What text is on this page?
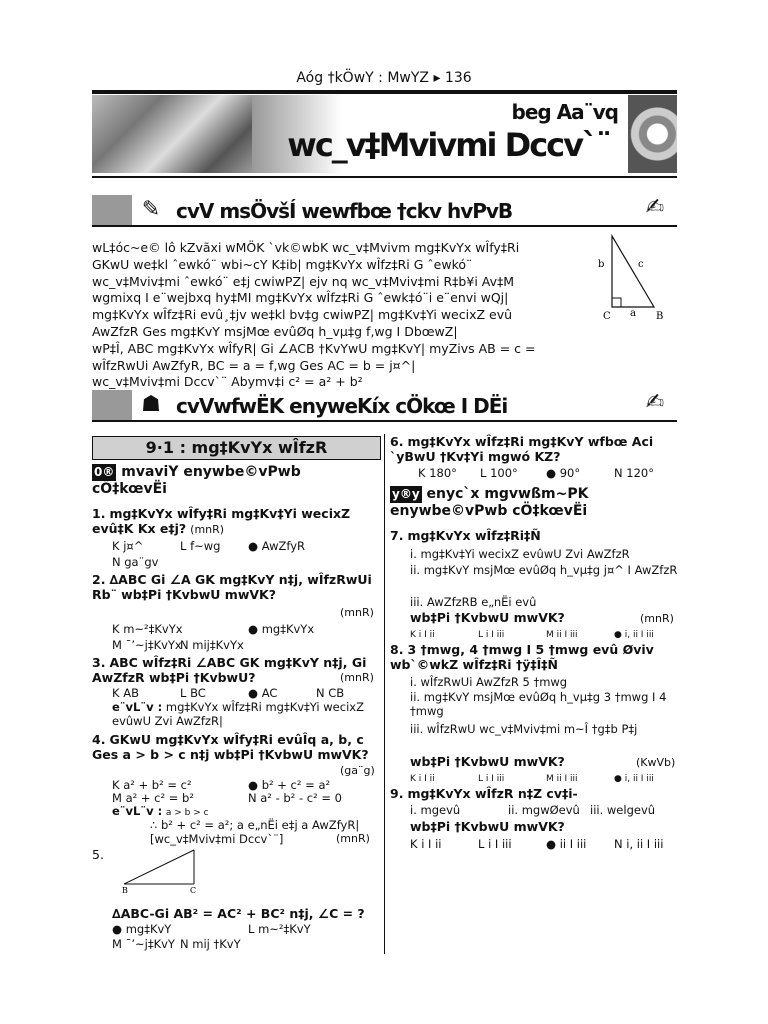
Aóg †kÖwY : MwYZ ▸ 136
beg Aa¨vq
wc_v‡Mvivmi Dccv`¨
✎ cvV msÖvšÍ wewfbœ †ckv hvPvB	✍
wL‡óc~e© lô kZvãxi wMÖK `vk©wbK wc_v‡Mvivm mg‡KvYx wÎfy‡Ri
GKwU we‡kl ˆewkó¨ wbi~cY K‡ib| mg‡KvYx wÎfz‡Ri G ˆewkó¨
wc_v‡Mviv‡mi ˆewkó¨ e‡j cwiwPZ| ejv nq wc_v‡Mviv‡mi R‡b¥i Av‡M
wgmixq I e¨wejbxq hy‡MI mg‡KvYx wÎfz‡Ri G ˆewk‡ó¨i e¨envi wQj|
mg‡KvYx wÎfz‡Ri evû¸‡jv we‡kl bv‡g cwiwPZ| mg‡Kv‡Yi wecixZ evû
AwZfzR Ges mg‡KvY msjMœ evûØq h_vµ‡g f‚wg I DbœwZ|
wP‡Î, ABC mg‡KvYx wÎfyR| Gi ∠ACB †KvYwU mg‡KvY| myZivs AB = c =
wÎfzRwUi AwZfyR, BC = a = f‚wg Ges AC = b = j¤^|
wc_v‡Mviv‡mi Dccv`¨ Abymv‡i c² = a² + b²
b	c
C a B
☗ cvVwfwËK enyweKíx cÖkœ I DËi	✍
9·1 : mg‡KvYx wÎfzR
0® mvaviY enywbe©vPwb
cÖ‡kœvËi
1. mg‡KvYx wÎfy‡Ri mg‡Kv‡Yi wecixZ evû‡K Kx e‡j? (mnR)
K j¤^	L f~wg ● AwZfyR
N ga¨gv
2. ∆ABC Gi ∠A GK mg‡KvY n‡j, wÎfzRwUi Rb¨ wb‡Pi †KvbwU mwVK?
(mnR)
K m~²‡KvYx	● mg‡KvYx
M ¯’~j‡KvYx
N mij‡KvYx
3. ABC wÎfz‡Ri ∠ABC GK mg‡KvY n‡j, Gi AwZfzR wb‡Pi †KvbwU?	(mnR)
K AB	L BC	● AC	N CB
e¨vL¨v : mg‡KvYx wÎfz‡Ri mg‡Kv‡Yi wecixZ evûwU Zvi AwZfzR|
4. GKwU mg‡KvYx wÎfy‡Ri evûÎq a, b, c Ges a > b > c n‡j wb‡Pi †KvbwU mwVK?
(ga¨g)
K a² + b² = c²	● b² + c² = a²
M a² + c² = b²	N a² - b² - c² = 0
e¨vL¨v : a > b > c
∴ b² + c² = a²; a e„nËi e‡j a AwZfyR|
[wc_v‡Mviv‡mi Dccv`¨]	(mnR)
5.
B	C
∆ABC-Gi AB² = AC² + BC² n‡j, ∠C = ?
● mg‡KvY	L m~²‡KvY
M ¯’~j‡KvY N mij †KvY
6. mg‡KvYx wÎfz‡Ri mg‡KvY wfbœ Aci `yBwU †Kv‡Yi mgwó KZ?
K 180° L 100° ● 90°	N 120°
y®y enyc`x mgvwßm~PK
enywbe©vPwb cÖ‡kœvËi
7. mg‡KvYx wÎfz‡Ri‡Ñ
i. mg‡Kv‡Yi wecixZ evûwU Zvi AwZfzR
ii. mg‡KvY msjMœ evûØq h_vµ‡g j¤^ I AwZfzR
iii. AwZfzRB e„nËi evû
wb‡Pi †KvbwU mwVK?	(mnR)
K i I ii	L i I iii	M ii I iii	● i, ii I iii
8. 3 †mwg, 4 †mwg I 5 †mwg evû Øviv wb`©wkZ wÎfz‡Ri †ÿ‡Î‡Ñ
i. wÎfzRwUi AwZfzR 5 †mwg
ii. mg‡KvY msjMœ evûØq h_vµ‡g 3 †mwg I 4 †mwg
iii. wÎfzRwU wc_v‡Mviv‡mi m~Î †g‡b P‡j
wb‡Pi †KvbwU mwVK?	(KwVb)
K i I ii	L i I iii	M ii I iii	● i, ii I iii
9. mg‡KvYx wÎfzR n‡Z cv‡i-
i. mgevû	ii. mgwØevû iii. welgevû
wb‡Pi †KvbwU mwVK?
K i I ii	L i I iii	● ii I iii N i, ii I iii
